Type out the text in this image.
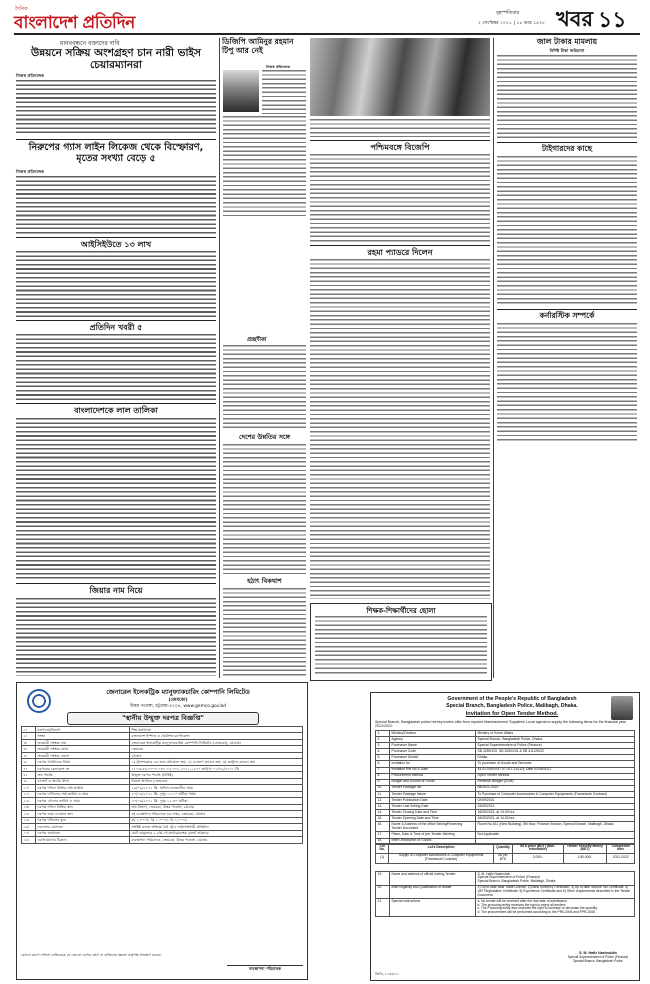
দৈনিক
বাংলাদেশ প্রতিদিন	বৃহস্পতিবার
২ সেপ্টেম্বর ২০২১ | ১৮ ভাদ্র ১৪২৮ খবর ১১
মানববন্ধনে বক্তাদের দাবি
উন্নয়নে সক্রিয় অংশগ্রহণ চান নারী ভাইস চেয়ারম্যানরা
নিজস্ব প্রতিবেদক
নিরুপের গ্যাস লাইন লিকেজ থেকে বিস্ফোরণ, মৃতের সংখ্যা বেড়ে ৫
নিজস্ব প্রতিবেদক
আইসিইউতে ১৩ লাখ
প্রতিদিন খবরী ৫
বাংলাদেশকে লাল তালিকা
জিয়ার নাম নিয়ে
ডিজিপি আমিনুর রহমান টিপু আর নেই
নিজস্ব প্রতিবেদক
প্রচ্ছদীকা
দেশের উন্নতির সঙ্গে
হঠাৎ বিকথাশ
পশ্চিমবঙ্গে বিজেপি
রহমা প্যাডরে দিলেন
শিক্ষক-শিক্ষার্থীদের ছোলা
জাল টাকার মামলায়
নির্দিষ্ট টাকা জরিমানা
টাইগারদের কাছে
কর্নারস্টিক সম্পর্কে
জেনারেল ইলেকট্রিক ম্যানুফ্যাকচারিং কোম্পানি লিমিটেড
(জেমকো)
উত্তর পতেঙ্গা, চট্টগ্রাম-৪২০৪, www.gemco.gov.bd
"স্থানীয় উন্মুক্ত দরপত্র বিজ্ঞপ্তি"
১।	মন্ত্রণালয়/বিভাগ	শিল্প মন্ত্রণালয়
২।	সংস্থা	বাংলাদেশ ইস্পাত ও প্রকৌশল কর্পোরেশন
৩।	ক্রয়কারী সংস্থার নাম	জেনারেল ইলেকট্রিক ম্যানুফ্যাকচারিং কোম্পানি লিমিটেড (জেমকো), চট্টগ্রাম।
৪।	ক্রয়কারী সংস্থার কোড	জেমকো
৫।	ক্রয়কারী সংস্থার জেলা	চট্টগ্রাম
৬।	দরপত্র আহ্বানের বিষয়	১) ট্রান্সফরমার এর জন্য কাঁচামাল ক্রয়; ২) এনালগ ক্যাবল ক্রয়; ৩) কন্ট্রোল ক্যাবল ক্রয়
৭।	দরপত্রের রেফারেন্স নং	১। ০৩.৪৩.০০০০.০৪৭.০৫.০০১.২০২১-১৫২০ তারিখ: ০১/০৯/২০২১ খ্রি
৮।	ক্রয় পদ্ধতি	উন্মুক্ত দরপত্র পদ্ধতি (OTM)
৯।	বাজেট ও অর্থের উৎস	নিজস্ব অর্থায়ন (জেমকো)
১০।	দরপত্র দলিল বিক্রির শেষ তারিখ	১৯/০৯/২০২১ খ্রি. অফিস চলাকালীন সময়
১১।	দরপত্র দাখিলের শেষ তারিখ ও সময়	২০/০৯/২০২১ খ্রি. দুপুর ১২.০০ ঘটিকা পর্যন্ত
১২।	দরপত্র খোলার তারিখ ও সময়	২০/০৯/২০২১ খ্রি. দুপুর ১২.৩০ ঘটিকা
১৩।	দরপত্র দলিল বিক্রির স্থান	ক্রয় বিভাগ, জেমকো, উত্তর পতেঙ্গা, চট্টগ্রাম
১৪।	দরপত্র জমা দেওয়ার স্থান	ক) ব্যবস্থাপনা পরিচালক এর দপ্তর, জেমকো, চট্টগ্রাম
১৫।	দরপত্র দলিলের মূল্য	ক) ১,০০০/- খ) ১,০০০/- গ) ১,০০০/-
১৬।	দরদাতার যোগ্যতা	সংশ্লিষ্ট কাজে অভিজ্ঞ বৈধ ট্রেড লাইসেন্সধারী প্রতিষ্ঠান
১৭।	দরপত্র জামানত	মোট দরমূল্যের ২.৫% পে-অর্ডার/ব্যাংক ড্রাফট আকারে
১৮।	যোগাযোগের ঠিকানা	ব্যবস্থাপনা পরিচালক, জেমকো, উত্তর পতেঙ্গা, চট্টগ্রাম
কোনো কারণ দর্শানো ব্যতিরেকে যে কোনো দরপত্র গ্রহণ বা বাতিলের ক্ষমতা কর্তৃপক্ষ সংরক্ষণ করেন।
ব্যবস্থাপনা পরিচালক
Government of the People's Republic of Bangladesh
Special Branch, Bangladesh Police, Malibagh, Dhaka.
Invitation for Open Tender Method.
Special Branch, Bangladesh police hereby invites offer from reputed Manufacturers/ Suppliers/ Local agents to supply the following items for the financial year 2021/2022:
1.	Ministry/Division	Ministry of Home Affairs
2.	Agency	Special Branch, Bangladesh Police, Dhaka.
3.	Purchaser Name	Special Superintendent of Police (Finance)
4.	Purchaser Code	SB 3259/120, SB 3250/101 & SB 4112/5022
5.	Purchaser District	Dhaka
6.	Invitation for	To purchase of Goods and Services.
7.	Invitation Ref No & Date	44.01.0000.047.07.027.21/(12); Date 01/09/2021
8.	Procurement Method	Open Tender Method
9.	Budget and Source of Funds	Revenue Budget (GOB)
10.	Tender Package No	08/2021-2022
11.	Tender Package Name	To Purchase of Computer Accessories & Computer Equipments (Framework Contract)
12.	Tender Publication Date	02/09/2021
13.	Tender Last Selling Date	15/09/2021
14.	Tender Closing Date and Time	16/09/2021, at 13.00 hrs.
15.	Tender Opening Date and Time	16/09/2021, at 14.00 hrs.
16.	Name & Address of the office Selling/Receiving Tender Document	Room No-611 (New Building), 5th floor, Finance Section, Special Branch, Malibagh, Dhaka
17.	Place, Date & Time of pre-Tender Meeting	Not Applicable
18.	Brief Description of Goods:	
Lot No.	Lot's Description	Quantity	BTD price (BDT) (Non-refundable)	Tender Security Money (BDT)	Completion time
(1)	Supply of Computer Accessories & Computer Equipments (Framework Contract)	As per BTD	2,000/-	1,80,000/-	2021-2022
19.	Name and address of official inviting Tender.	S. M. Hafiz Nasiruddin
Special Superintendent of Police (Finance)
Special Branch, Bangladesh Police, Malibagh, Dhaka
20.	Brief Eligibility and Qualification of Bidder	1) Up to date valid Trade License; 2) Bank Solvency Certificate; 3) Up to date Income Tax Certificate; 4) VAT Registration Certificate; 5) Experience Certificate and 6) Other requirements described in the Tender Document.
21.	Special Instructions	a. No tender will be received after the due date of submission.
b. The procuring entity reserves the right to reject all tenders.
c. The Procuring entity also reserves the right to increase or decrease the quantity.
d. The procurement will be performed according to the PPA-2006 and PPR-2008
S. M. Hafiz Nasiruddin
Special Superintendent of Police (Finance)
Special Branch, Bangladesh Police
জিডি-১২৩৫/২১
